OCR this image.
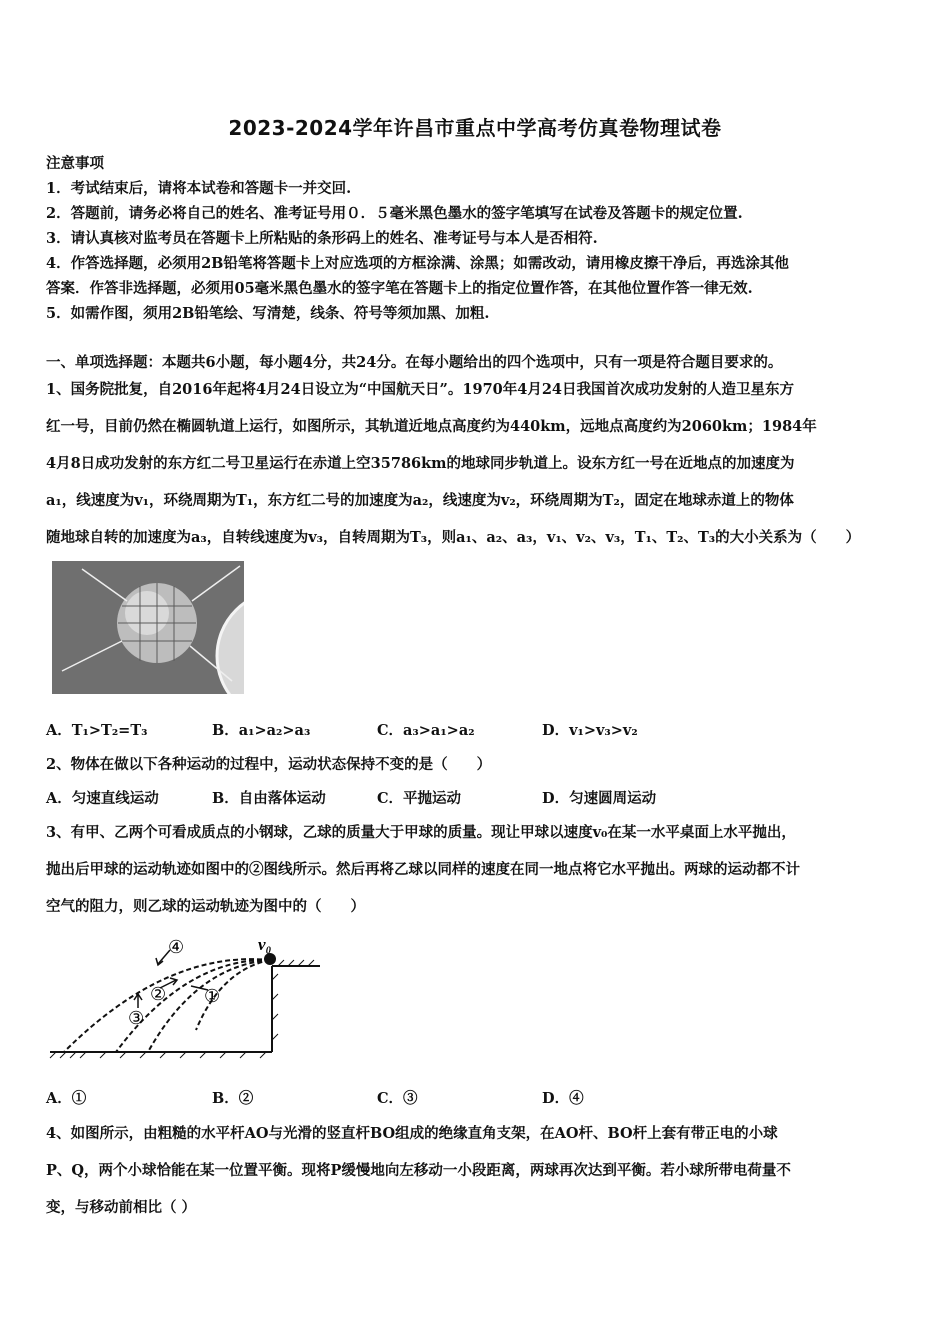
2023-2024学年许昌市重点中学高考仿真卷物理试卷
注意事项
1．考试结束后，请将本试卷和答题卡一并交回.
2．答题前，请务必将自己的姓名、准考证号用０．５毫米黑色墨水的签字笔填写在试卷及答题卡的规定位置.
3．请认真核对监考员在答题卡上所粘贴的条形码上的姓名、准考证号与本人是否相符.
4．作答选择题，必须用2B铅笔将答题卡上对应选项的方框涂满、涂黑；如需改动，请用橡皮擦干净后，再选涂其他
答案．作答非选择题，必须用05毫米黑色墨水的签字笔在答题卡上的指定位置作答，在其他位置作答一律无效.
5．如需作图，须用2B铅笔绘、写清楚，线条、符号等须加黑、加粗.
一、单项选择题：本题共6小题，每小题4分，共24分。在每小题给出的四个选项中，只有一项是符合题目要求的。
1、国务院批复，自2016年起将4月24日设立为“中国航天日”。1970年4月24日我国首次成功发射的人造卫星东方
红一号，目前仍然在椭圆轨道上运行，如图所示，其轨道近地点高度约为440km，远地点高度约为2060km；1984年
4月8日成功发射的东方红二号卫星运行在赤道上空35786km的地球同步轨道上。设东方红一号在近地点的加速度为
a₁，线速度为v₁，环绕周期为T₁，东方红二号的加速度为a₂，线速度为v₂，环绕周期为T₂，固定在地球赤道上的物体
随地球自转的加速度为a₃，自转线速度为v₃，自转周期为T₃，则a₁、a₂、a₃，v₁、v₂、v₃，T₁、T₂、T₃的大小关系为（　　）
A．T₁>T₂=T₃	B．a₁>a₂>a₃	C．a₃>a₁>a₂	D．v₁>v₃>v₂
2、物体在做以下各种运动的过程中，运动状态保持不变的是（　　）
A．匀速直线运动	B．自由落体运动	C．平抛运动	D．匀速圆周运动
3、有甲、乙两个可看成质点的小钢球，乙球的质量大于甲球的质量。现让甲球以速度v₀在某一水平桌面上水平抛出，
抛出后甲球的运动轨迹如图中的②图线所示。然后再将乙球以同样的速度在同一地点将它水平抛出。两球的运动都不计
空气的阻力，则乙球的运动轨迹为图中的（　　）
v₀
④
② ①
③
A．①	B．②	C．③	D．④
4、如图所示，由粗糙的水平杆AO与光滑的竖直杆BO组成的绝缘直角支架，在AO杆、BO杆上套有带正电的小球
P、Q，两个小球恰能在某一位置平衡。现将P缓慢地向左移动一小段距离，两球再次达到平衡。若小球所带电荷量不
变，与移动前相比（ ）
